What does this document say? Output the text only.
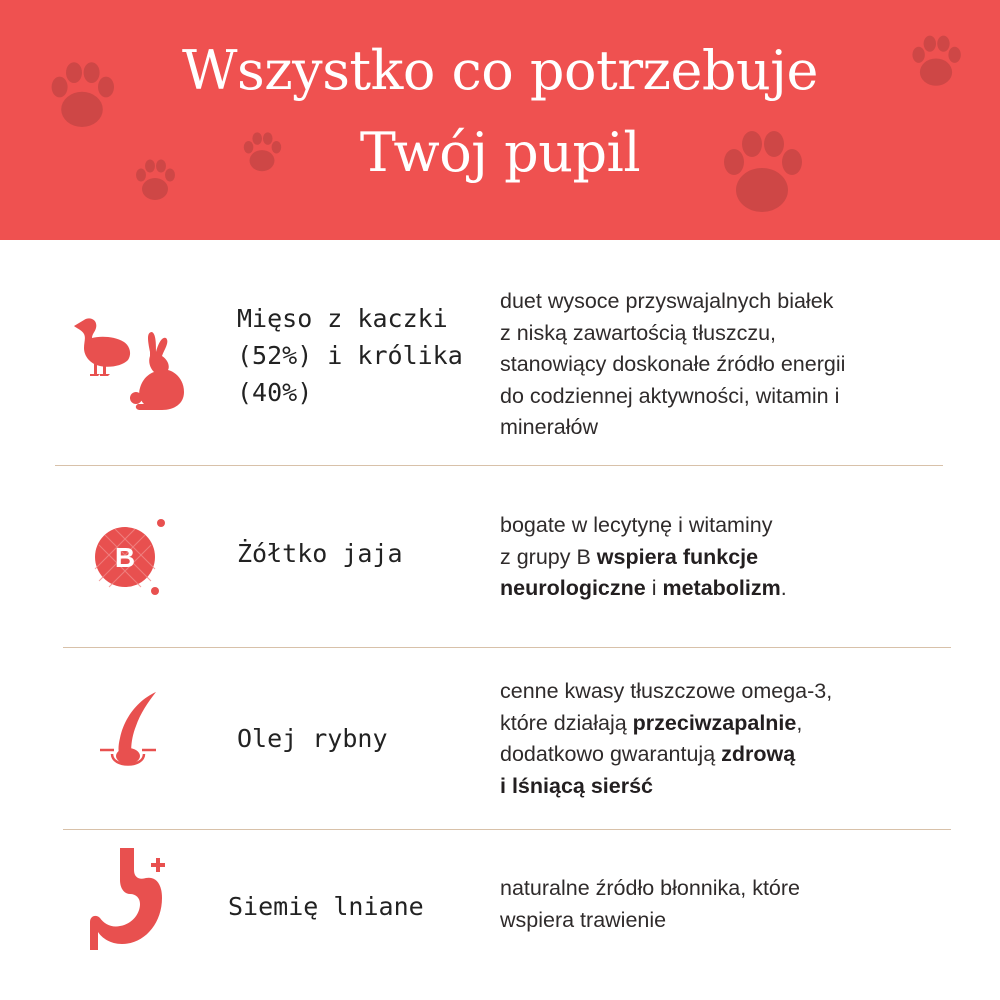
Wszystko co potrzebuje
Twój pupil
Mięso z kaczki
(52%) i królika
(40%)
duet wysoce przyswajalnych białek
z niską zawartością tłuszczu,
stanowiący doskonałe źródło energii
do codziennej aktywności, witamin i
minerałów
B	Żółtko jaja
bogate w lecytynę i witaminy
z grupy B wspiera funkcje
neurologiczne i metabolizm.
Olej rybny
cenne kwasy tłuszczowe omega-3,
które działają przeciwzapalnie,
dodatkowo gwarantują zdrową
i lśniącą sierść
Siemię lniane
naturalne źródło błonnika, które
wspiera trawienie
